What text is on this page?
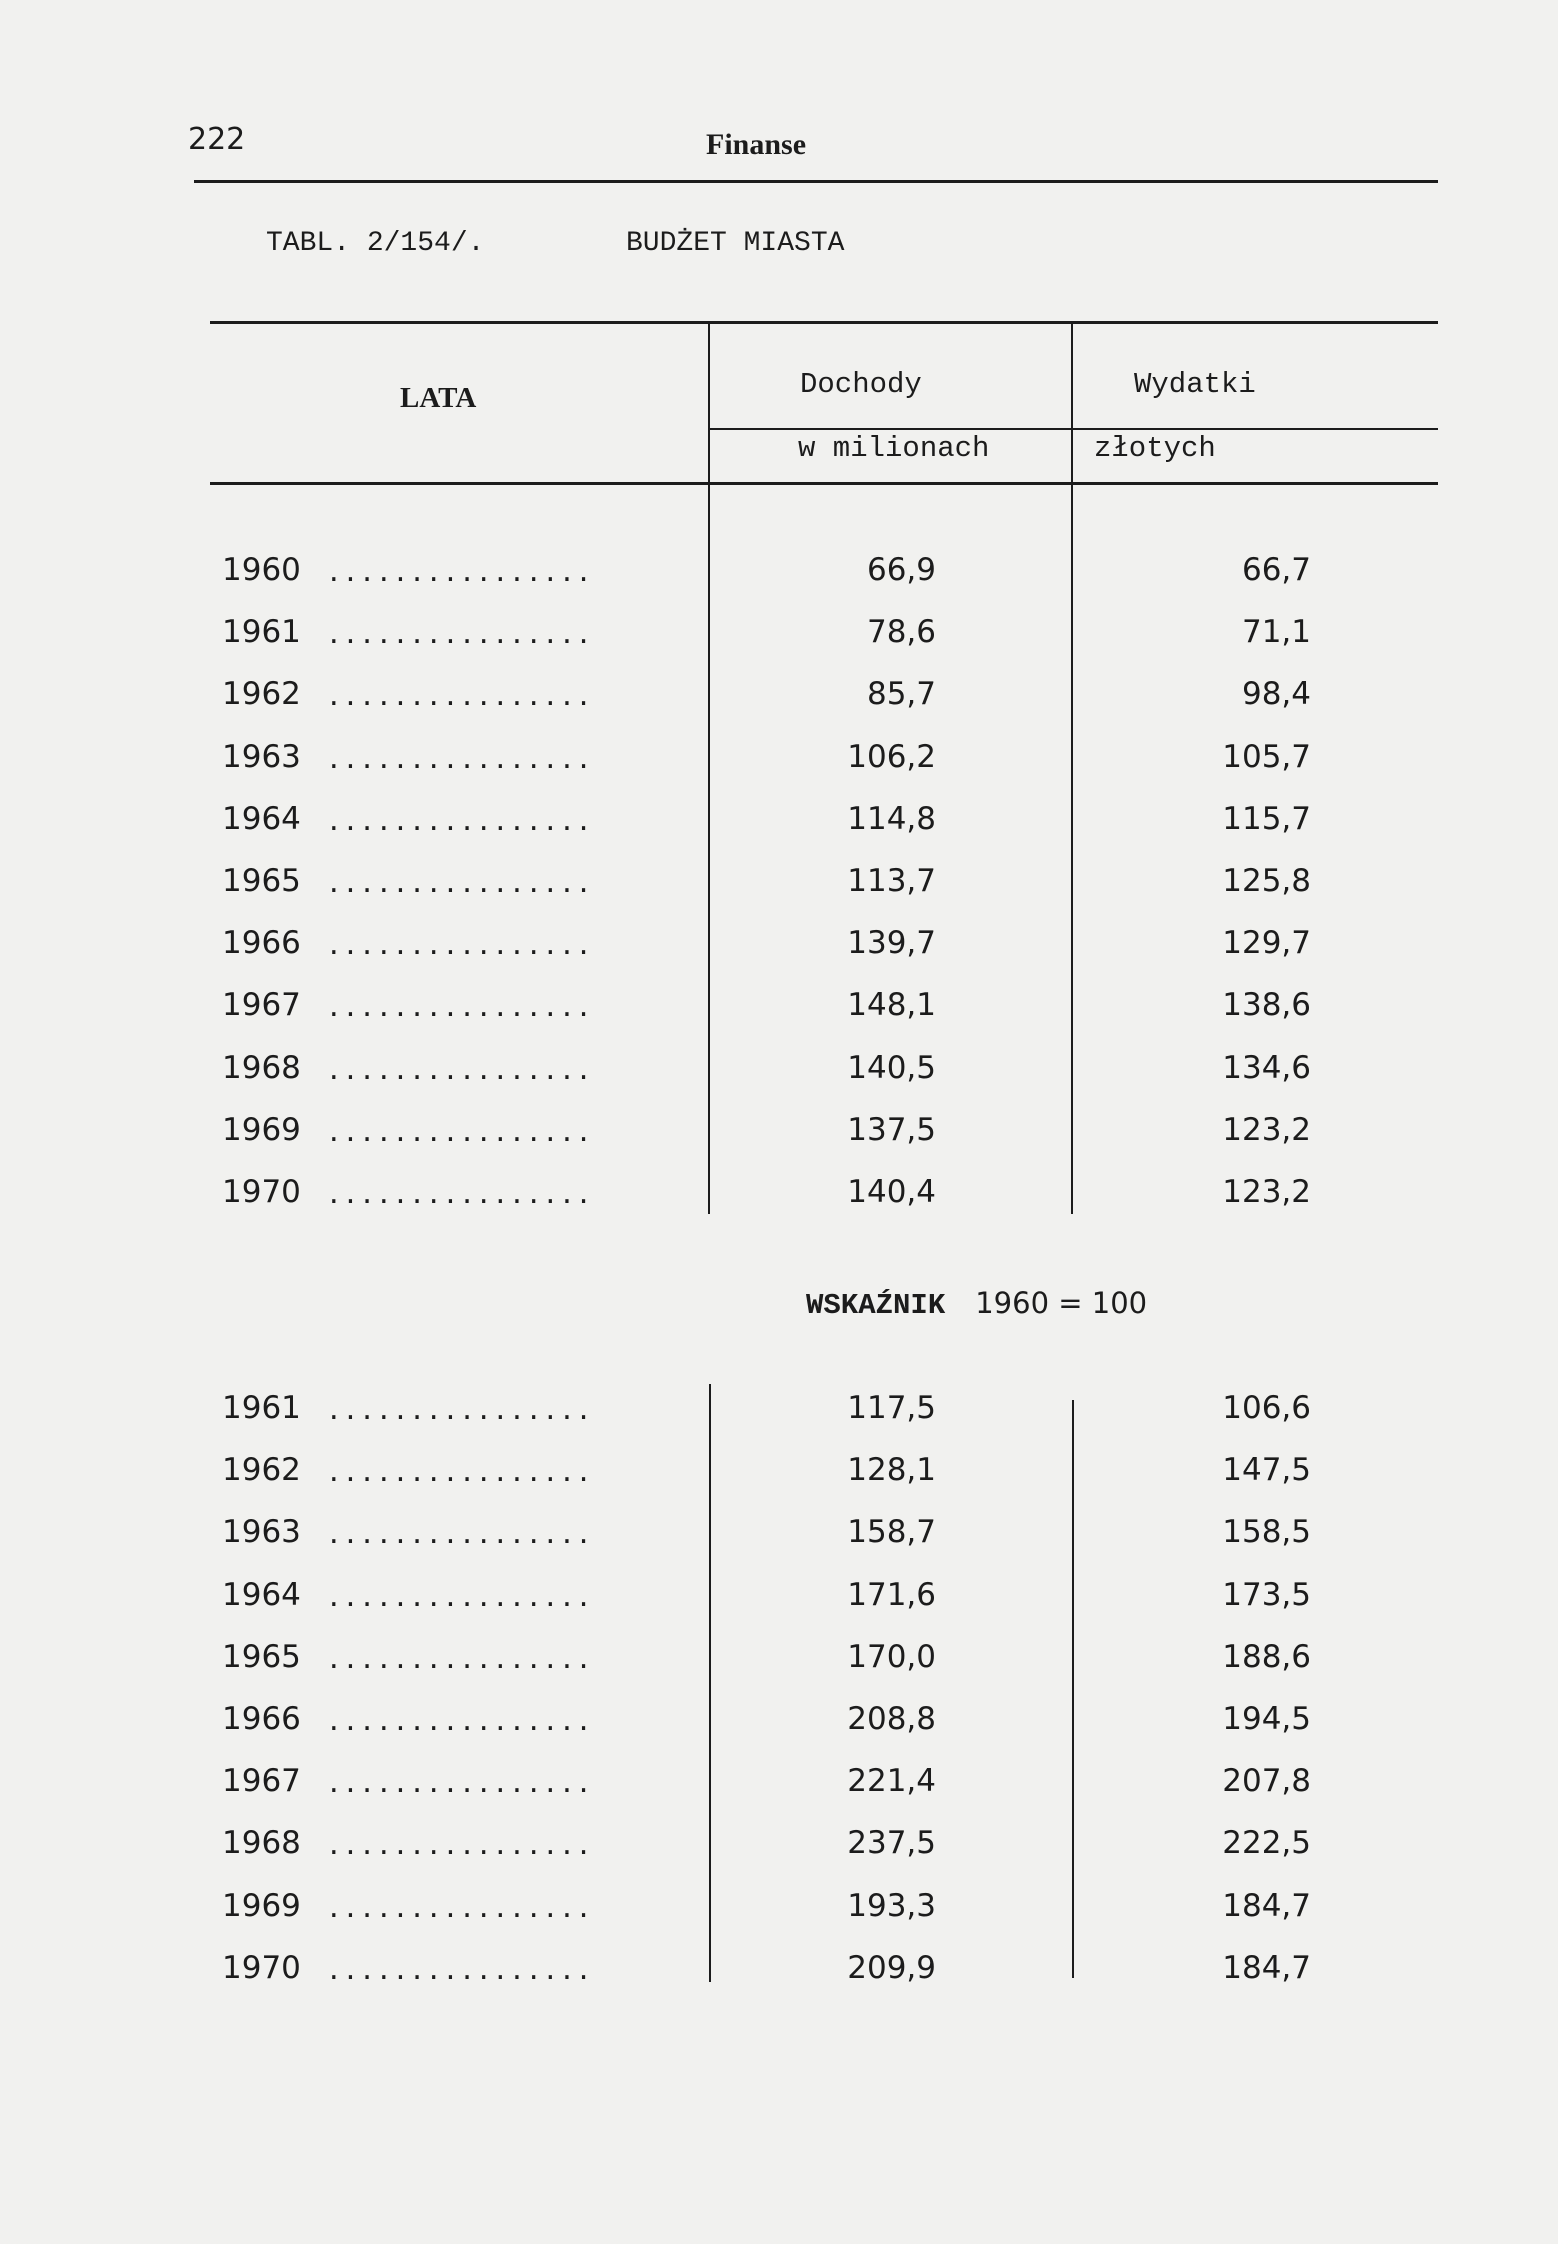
222	Finanse
TABL. 2/154/.	BUDŻET MIASTA
LATA	Dochody	Wydatki
w milionach	złotych
1960 ................	66,9	66,7
1961 ................	78,6	71,1
1962 ................	85,7	98,4
1963 ................	106,2	105,7
1964 ................	114,8	115,7
1965 ................	113,7	125,8
1966 ................	139,7	129,7
1967 ................	148,1	138,6
1968 ................	140,5	134,6
1969 ................	137,5	123,2
1970 ................	140,4	123,2
WSKAŹNIK 1960 = 100
1961 ................	117,5	106,6
1962 ................	128,1	147,5
1963 ................	158,7	158,5
1964 ................	171,6	173,5
1965 ................	170,0	188,6
1966 ................	208,8	194,5
1967 ................	221,4	207,8
1968 ................	237,5	222,5
1969 ................	193,3	184,7
1970 ................	209,9	184,7
